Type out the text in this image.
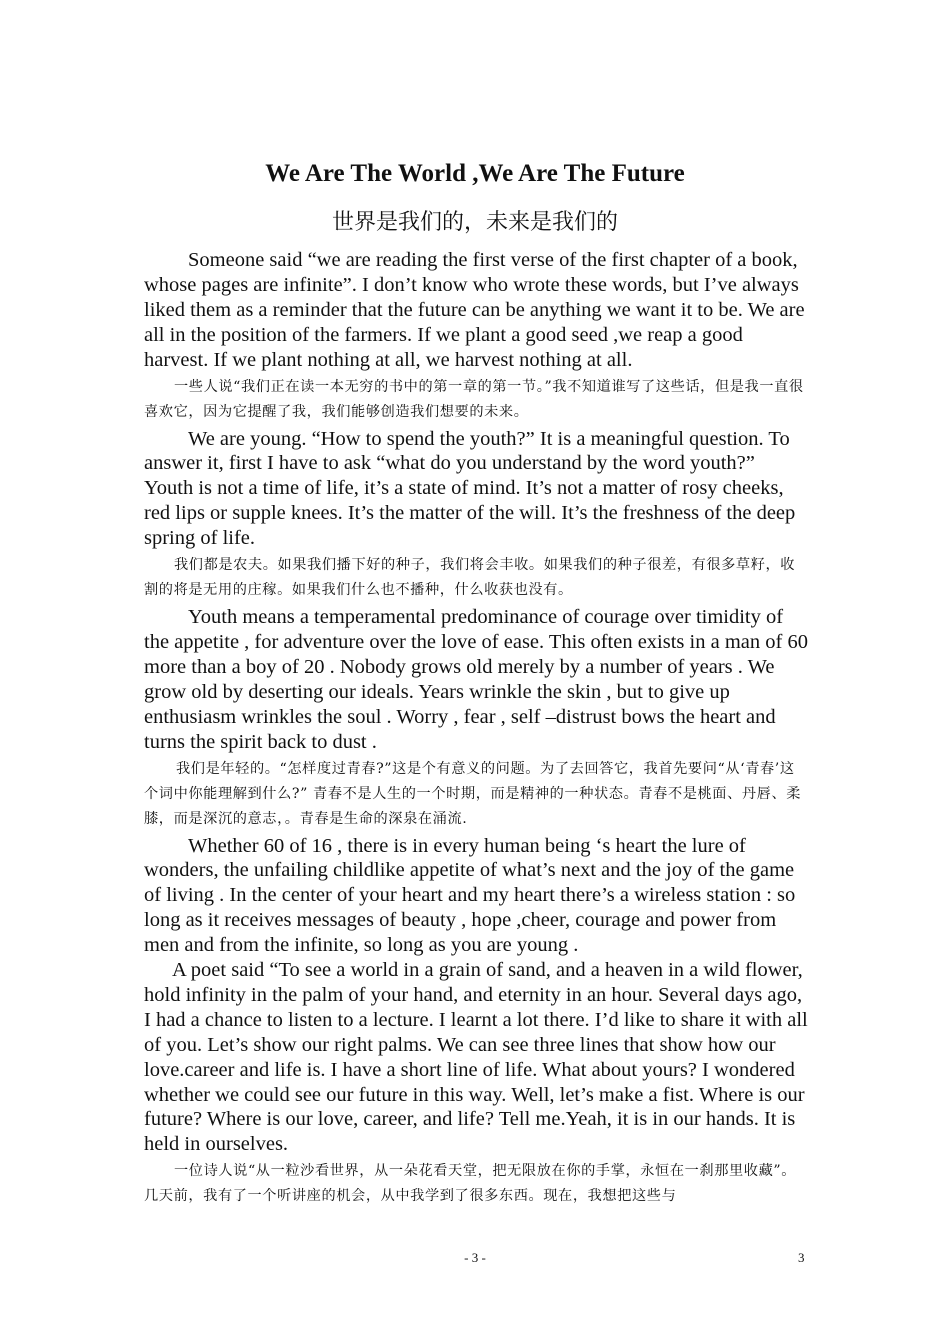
We Are The World ,We Are The Future
世界是我们的，未来是我们的

Someone said “we are reading the first verse of the first chapter of a book, whose pages are infinite”. I don’t know who wrote these words, but I’ve always liked them as a reminder that the future can be anything we want it to be. We are all in the position of the farmers. If we plant a good seed ,we reap a good harvest. If we plant nothing at all, we harvest nothing at all.

一些人说“我们正在读一本无穷的书中的第一章的第一节。”我不知道谁写了这些话，但是我一直很喜欢它，因为它提醒了我，我们能够创造我们想要的未来。

We are young. “How to spend the youth?” It is a meaningful question. To answer it, first I have to ask “what do you understand by the word youth?” Youth is not a time of life, it’s a state of mind. It’s not a matter of rosy cheeks, red lips or supple knees. It’s the matter of the will. It’s the freshness of the deep spring of life.

我们都是农夫。如果我们播下好的种子，我们将会丰收。如果我们的种子很差，有很多草籽，收割的将是无用的庄稼。如果我们什么也不播种，什么收获也没有。

Youth means a temperamental predominance of courage over timidity of the appetite , for adventure over the love of ease. This often exists in a man of 60 more than a boy of 20 . Nobody grows old merely by a number of years . We grow old by deserting our ideals. Years wrinkle the skin , but to give up enthusiasm wrinkles the soul . Worry , fear , self –distrust bows the heart and turns the spirit back to dust .

我们是年轻的。“怎样度过青春?”这是个有意义的问题。为了去回答它，我首先要问“从‘青春’这个词中你能理解到什么?” 青春不是人生的一个时期，而是精神的一种状态。青春不是桃面、丹唇、柔膝，而是深沉的意志，。青春是生命的深泉在涌流.

Whether 60 of 16 , there is in every human being ‘s heart the lure of wonders, the unfailing childlike appetite of what’s next and the joy of the game of living . In the center of your heart and my heart there’s a wireless station : so long as it receives messages of beauty , hope ,cheer, courage and power from men and from the infinite, so long as you are young .

A poet said “To see a world in a grain of sand, and a heaven in a wild flower, hold infinity in the palm of your hand, and eternity in an hour. Several days ago, I had a chance to listen to a lecture. I learnt a lot there. I’d like to share it with all of you. Let’s show our right palms. We can see three lines that show how our love.career and life is. I have a short line of life. What about yours? I wondered whether we could see our future in this way. Well, let’s make a fist. Where is our future? Where is our love, career, and life? Tell me.Yeah, it is in our hands. It is held in ourselves.

一位诗人说“从一粒沙看世界，从一朵花看天堂，把无限放在你的手掌，永恒在一刹那里收藏”。几天前，我有了一个听讲座的机会，从中我学到了很多东西。现在，我想把这些与

- 3 -	3
